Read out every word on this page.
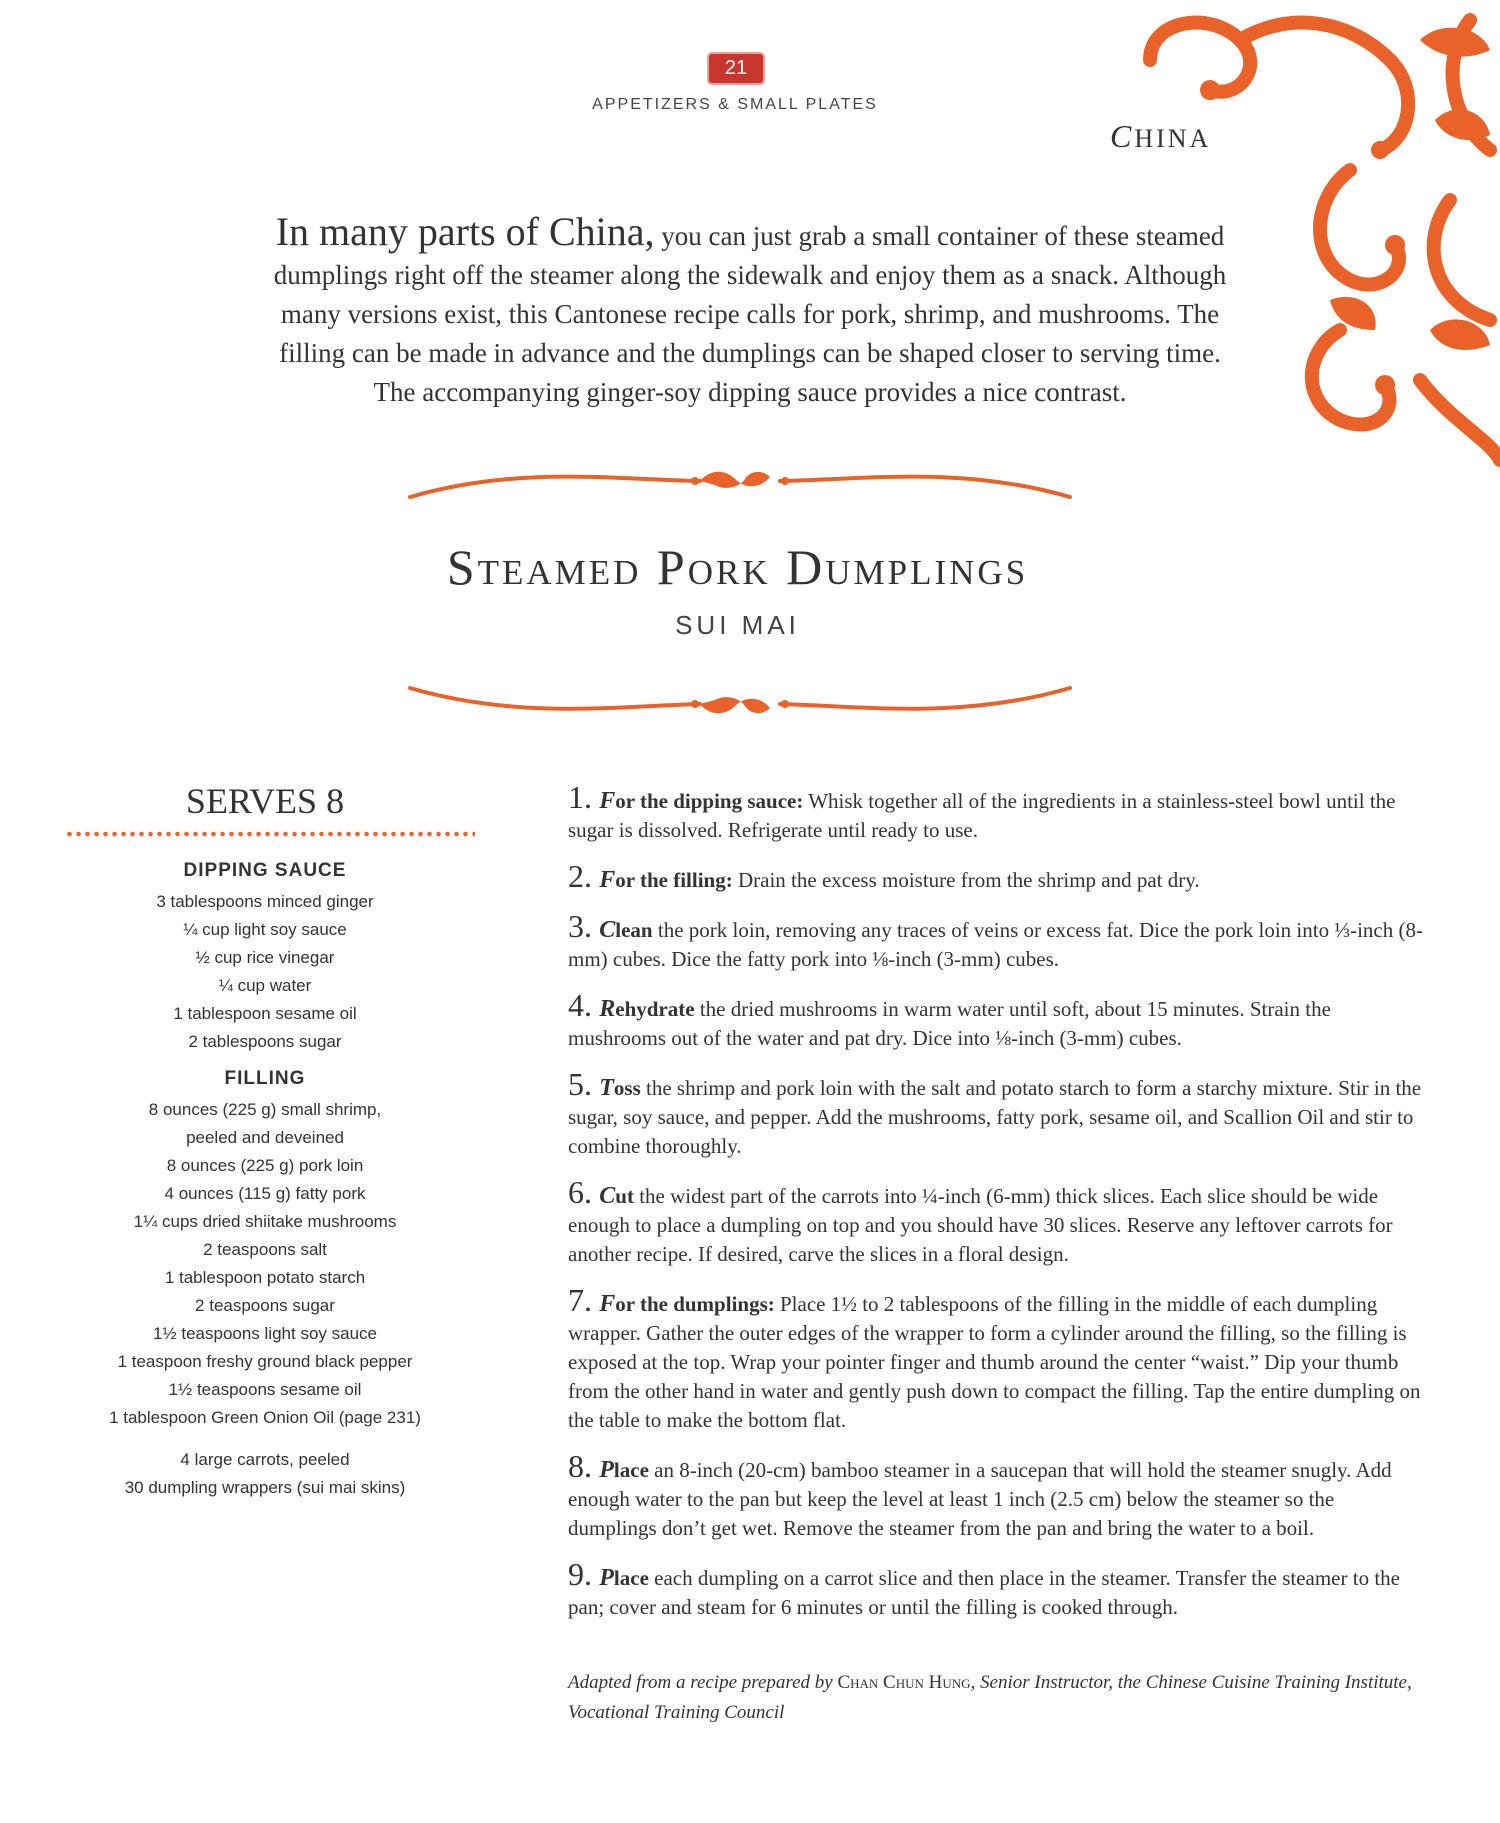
21
APPETIZERS & SMALL PLATES
CHINA
In many parts of China, you can just grab a small container of these steamed
dumplings right off the steamer along the sidewalk and enjoy them as a snack. Although
many versions exist, this Cantonese recipe calls for pork, shrimp, and mushrooms. The
filling can be made in advance and the dumplings can be shaped closer to serving time.
The accompanying ginger-soy dipping sauce provides a nice contrast.
Steamed Pork Dumplings
SUI MAI
SERVES 8
DIPPING SAUCE
3 tablespoons minced ginger
¼ cup light soy sauce
½ cup rice vinegar
¼ cup water
1 tablespoon sesame oil
2 tablespoons sugar
FILLING
8 ounces (225 g) small shrimp,
peeled and deveined
8 ounces (225 g) pork loin
4 ounces (115 g) fatty pork
1¼ cups dried shiitake mushrooms
2 teaspoons salt
1 tablespoon potato starch
2 teaspoons sugar
1½ teaspoons light soy sauce
1 teaspoon freshy ground black pepper
1½ teaspoons sesame oil
1 tablespoon Green Onion Oil (page 231)
4 large carrots, peeled
30 dumpling wrappers (sui mai skins)

1. For the dipping sauce: Whisk together all of the ingredients in a stainless-steel bowl until the sugar is dissolved. Refrigerate until ready to use.

2. For the filling: Drain the excess moisture from the shrimp and pat dry.

3. Clean the pork loin, removing any traces of veins or excess fat. Dice the pork loin into ⅓-inch (8-mm) cubes. Dice the fatty pork into ⅛-inch (3-mm) cubes.

4. Rehydrate the dried mushrooms in warm water until soft, about 15 minutes. Strain the mushrooms out of the water and pat dry. Dice into ⅛-inch (3-mm) cubes.

5. Toss the shrimp and pork loin with the salt and potato starch to form a starchy mixture. Stir in the sugar, soy sauce, and pepper. Add the mushrooms, fatty pork, sesame oil, and Scallion Oil and stir to combine thoroughly.

6. Cut the widest part of the carrots into ¼-inch (6-mm) thick slices. Each slice should be wide enough to place a dumpling on top and you should have 30 slices. Reserve any leftover carrots for another recipe. If desired, carve the slices in a floral design.

7. For the dumplings: Place 1½ to 2 tablespoons of the filling in the middle of each dumpling wrapper. Gather the outer edges of the wrapper to form a cylinder around the filling, so the filling is exposed at the top. Wrap your pointer finger and thumb around the center “waist.” Dip your thumb from the other hand in water and gently push down to compact the filling. Tap the entire dumpling on the table to make the bottom flat.

8. Place an 8-inch (20-cm) bamboo steamer in a saucepan that will hold the steamer snugly. Add enough water to the pan but keep the level at least 1 inch (2.5 cm) below the steamer so the dumplings don’t get wet. Remove the steamer from the pan and bring the water to a boil.

9. Place each dumpling on a carrot slice and then place in the steamer. Transfer the steamer to the pan; cover and steam for 6 minutes or until the filling is cooked through.

Adapted from a recipe prepared by Chan Chun Hung, Senior Instructor, the Chinese Cuisine Training Institute, Vocational Training Council
